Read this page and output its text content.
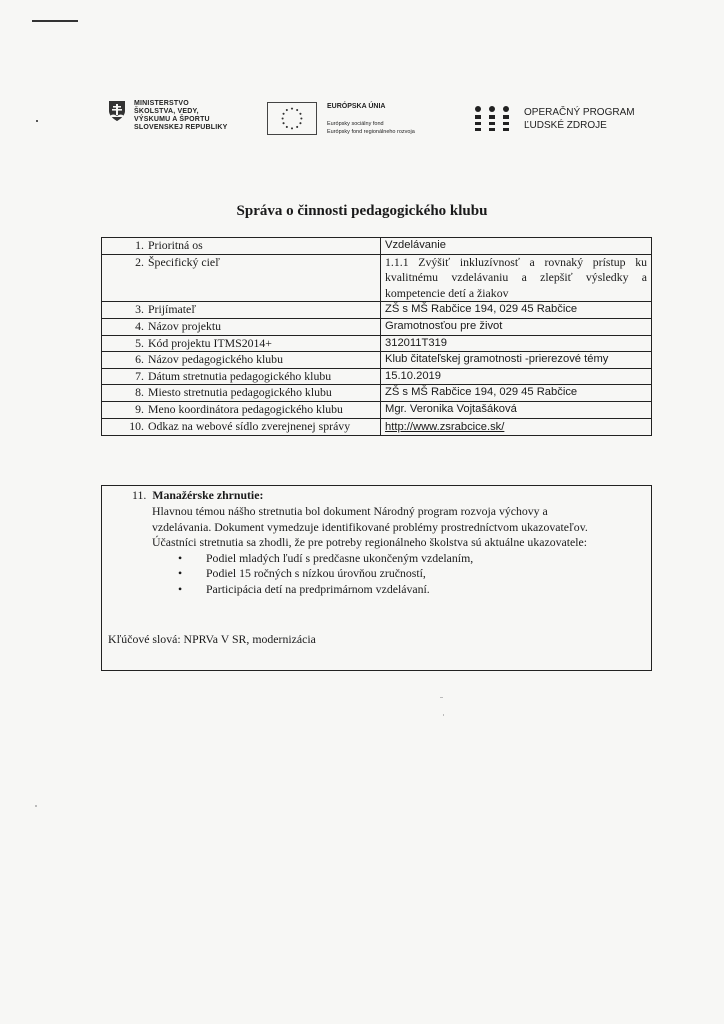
MINISTERSTVO
ŠKOLSTVA, VEDY,
VÝSKUMU A ŠPORTU
SLOVENSKEJ REPUBLIKY
EURÓPSKA ÚNIA
Európsky sociálny fond
Európsky fond regionálneho rozvoja
OPERAČNÝ PROGRAM
ĽUDSKÉ ZDROJE
Správa o činnosti pedagogického klubu
1. Prioritná os	Vzdelávanie
2. Špecifický cieľ	1.1.1 Zvýšiť inkluzívnosť a rovnaký prístup ku kvalitnému vzdelávaniu a zlepšiť výsledky a kompetencie detí a žiakov
3. Prijímateľ	ZŠ s MŠ Rabčice 194, 029 45 Rabčice
4. Názov projektu	Gramotnosťou pre život
5. Kód projektu ITMS2014+	312011T319
6. Názov pedagogického klubu	Klub čitateľskej gramotnosti -prierezové témy
7. Dátum stretnutia pedagogického klubu	15.10.2019
8. Miesto stretnutia pedagogického klubu	ZŠ s MŠ Rabčice 194, 029 45 Rabčice
9. Meno koordinátora pedagogického klubu	Mgr. Veronika Vojtašáková
10. Odkaz na webové sídlo zverejnenej správy	http://www.zsrabcice.sk/
11. Manažérske zhrnutie:
Hlavnou témou nášho stretnutia bol dokument Národný program rozvoja výchovy a vzdelávania. Dokument vymedzuje identifikované problémy prostredníctvom ukazovateľov. Účastníci stretnutia sa zhodli, že pre potreby regionálneho školstva sú aktuálne ukazovatele:
• Podiel mladých ľudí s predčasne ukončeným vzdelaním,
• Podiel 15 ročných s nízkou úrovňou zručností,
• Participácia detí na predprimárnom vzdelávaní.
Kľúčové slová: NPRVa V SR, modernizácia
